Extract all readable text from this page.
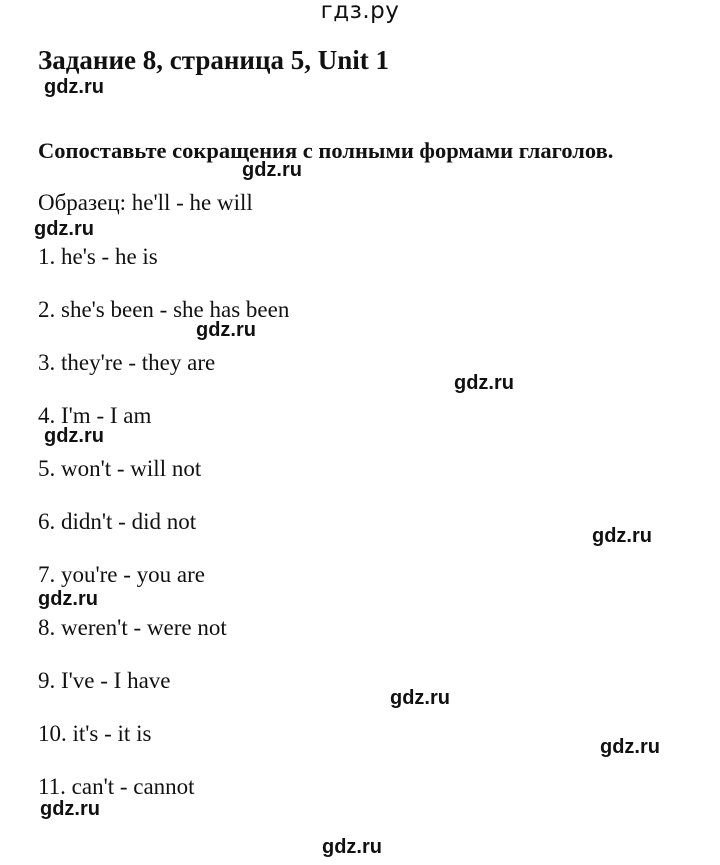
гдз.ру
Задание 8, страница 5, Unit 1

Сопоставьте сокращения с полными формами глаголов.

Образец: he'll - he will
1. he's - he is
2. she's been - she has been
3. they're - they are
4. I'm - I am
5. won't - will not
6. didn't - did not
7. you're - you are
8. weren't - were not
9. I've - I have
10. it's - it is
11. can't - cannot
gdz.ru
gdz.ru
gdz.ru
gdz.ru
gdz.ru
gdz.ru
gdz.ru
gdz.ru
gdz.ru
gdz.ru
gdz.ru
gdz.ru
